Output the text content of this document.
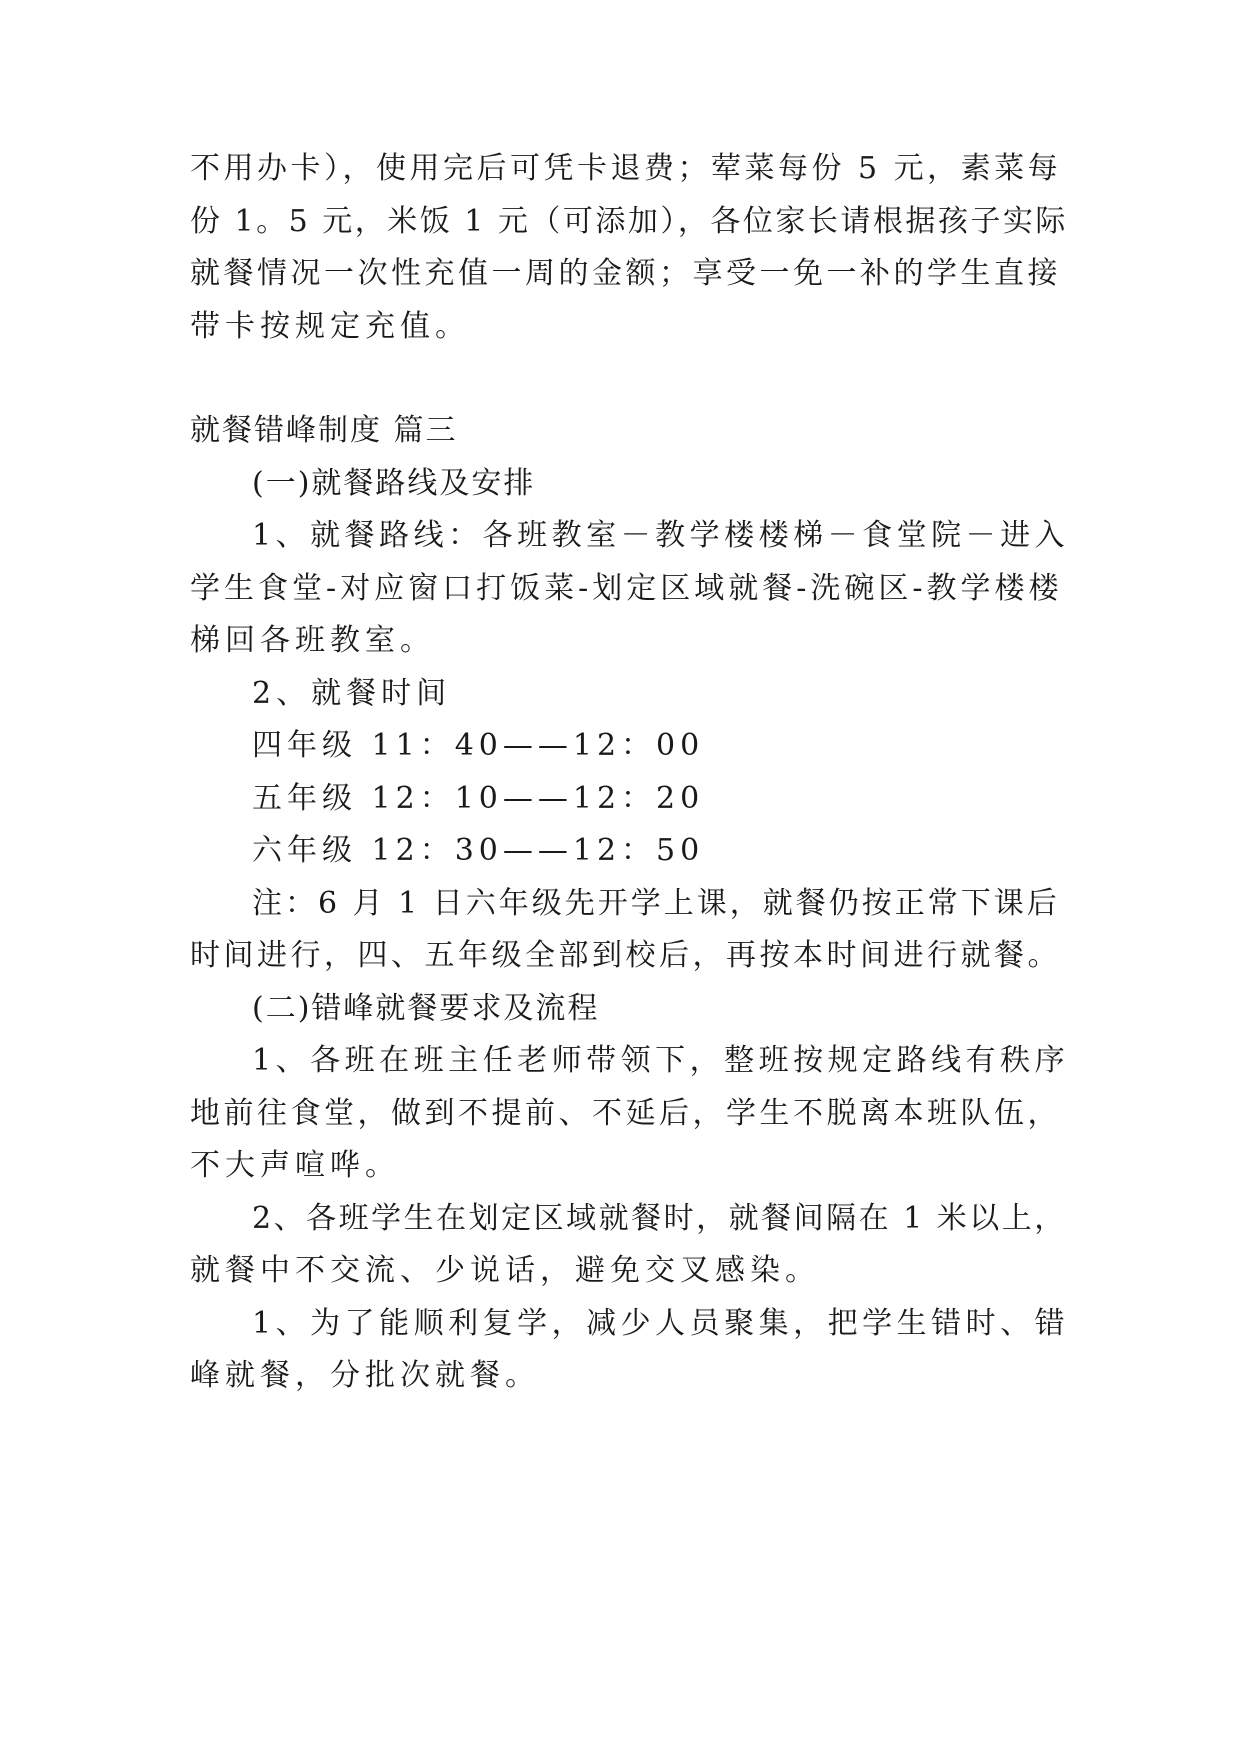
不用办卡），使用完后可凭卡退费；荤菜每份 5 元，素菜每
份 1。5 元，米饭 1 元（可添加），各位家长请根据孩子实际
就餐情况一次性充值一周的金额；享受一免一补的学生直接
带卡按规定充值。
就餐错峰制度 篇三
(一)就餐路线及安排
1、就餐路线：各班教室－教学楼楼梯－食堂院－进入
学生食堂-对应窗口打饭菜-划定区域就餐-洗碗区-教学楼楼
梯回各班教室。
2、就餐时间
四年级 11：40——12：00
五年级 12：10——12：20
六年级 12：30——12：50
注：6 月 1 日六年级先开学上课，就餐仍按正常下课后
时间进行，四、五年级全部到校后，再按本时间进行就餐。
(二)错峰就餐要求及流程
1、各班在班主任老师带领下，整班按规定路线有秩序
地前往食堂，做到不提前、不延后，学生不脱离本班队伍，
不大声喧哗。
2、各班学生在划定区域就餐时，就餐间隔在 1 米以上，
就餐中不交流、少说话，避免交叉感染。
1、为了能顺利复学，减少人员聚集，把学生错时、错
峰就餐，分批次就餐。
